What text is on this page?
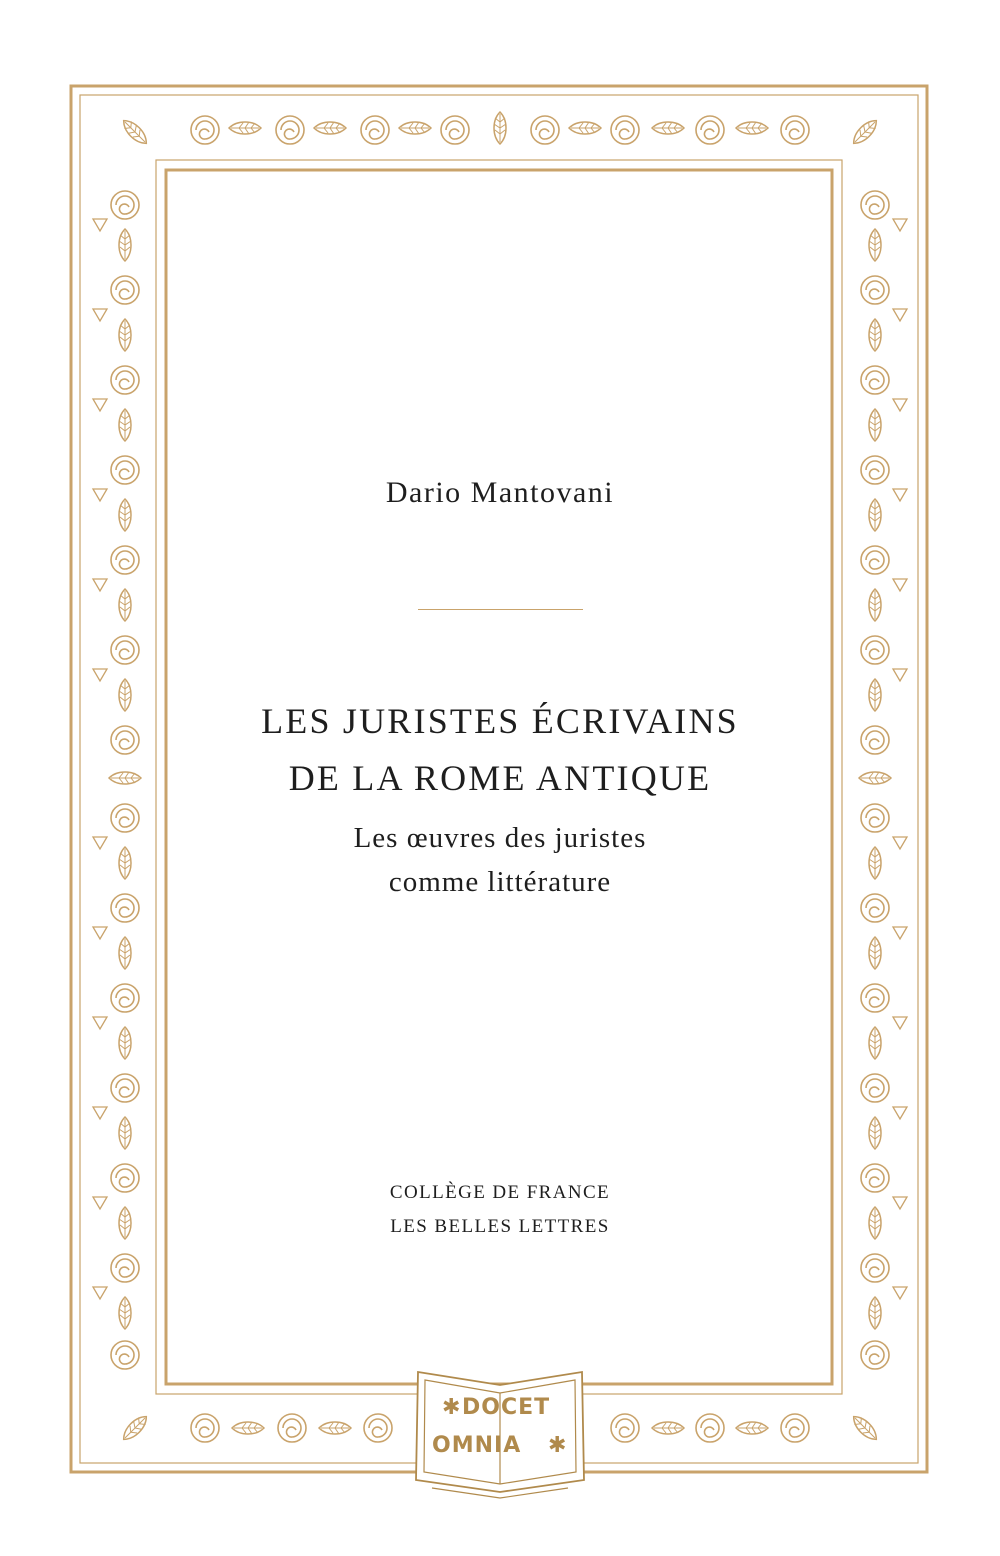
✱ DOCET
OMNIA ✱
Dario Mantovani
LES JURISTES ÉCRIVAINS
DE LA ROME ANTIQUE
Les œuvres des juristes
comme littérature
COLLÈGE DE FRANCE
LES BELLES LETTRES
